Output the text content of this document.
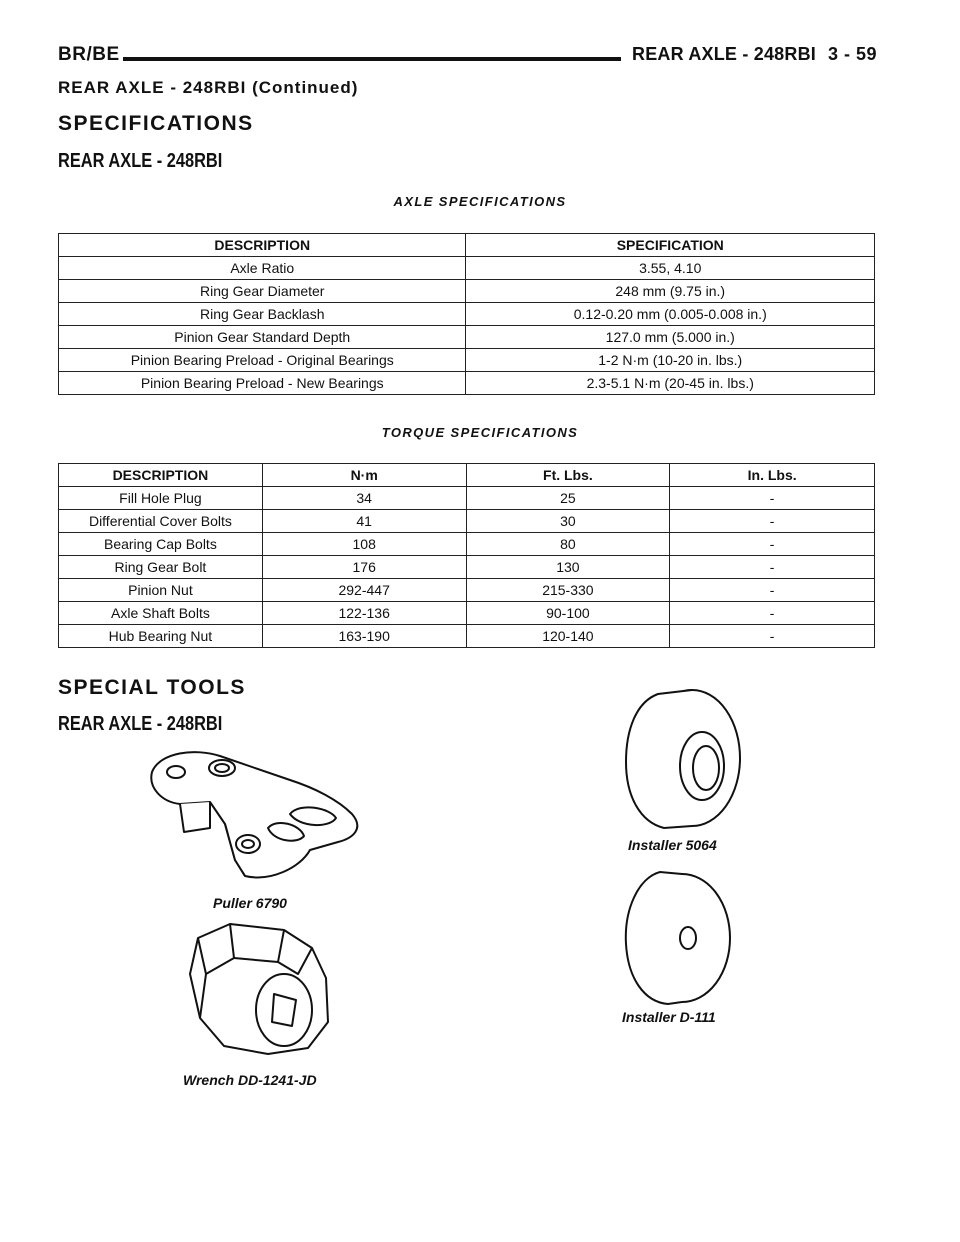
BR/BE	REAR AXLE - 248RBI 3 - 59
REAR AXLE - 248RBI (Continued)
SPECIFICATIONS
REAR AXLE - 248RBI
AXLE SPECIFICATIONS
DESCRIPTION	SPECIFICATION
Axle Ratio	3.55, 4.10
Ring Gear Diameter	248 mm (9.75 in.)
Ring Gear Backlash	0.12-0.20 mm (0.005-0.008 in.)
Pinion Gear Standard Depth	127.0 mm (5.000 in.)
Pinion Bearing Preload - Original Bearings	1-2 N·m (10-20 in. lbs.)
Pinion Bearing Preload - New Bearings	2.3-5.1 N·m (20-45 in. lbs.)
TORQUE SPECIFICATIONS
DESCRIPTION	N·m	Ft. Lbs.	In. Lbs.
Fill Hole Plug	34	25	-
Differential Cover Bolts	41	30	-
Bearing Cap Bolts	108	80	-
Ring Gear Bolt	176	130	-
Pinion Nut	292-447	215-330	-
Axle Shaft Bolts	122-136	90-100	-
Hub Bearing Nut	163-190	120-140	-
SPECIAL TOOLS
REAR AXLE - 248RBI
Puller 6790
Installer 5064
Wrench DD-1241-JD
Installer D-111
